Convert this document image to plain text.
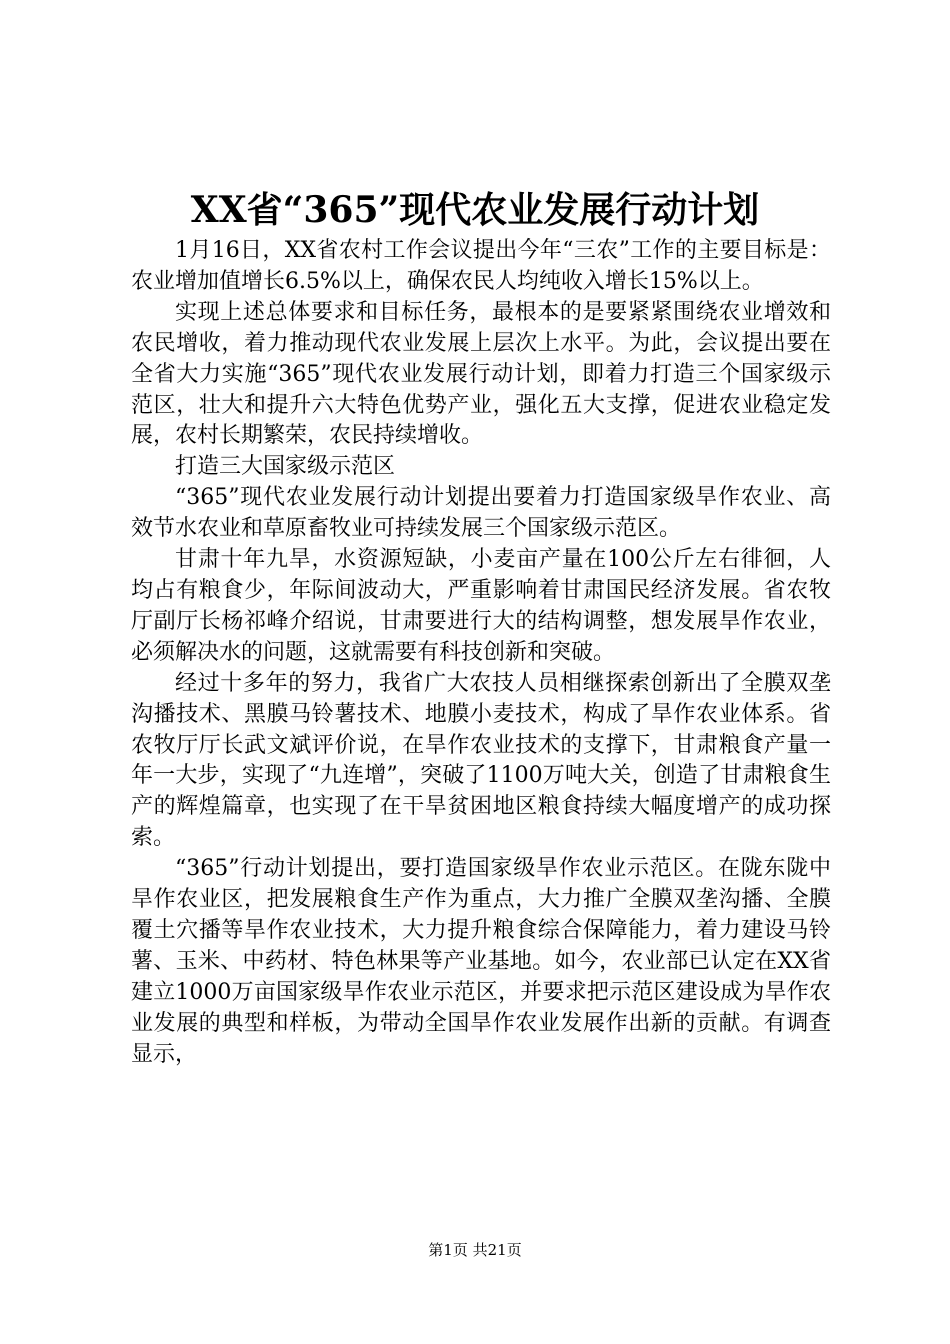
XX省“365”现代农业发展行动计划

1月16日，XX省农村工作会议提出今年“三农”工作的主要目标是：农业增加值增长6.5%以上，确保农民人均纯收入增长15%以上。

实现上述总体要求和目标任务，最根本的是要紧紧围绕农业增效和农民增收，着力推动现代农业发展上层次上水平。为此，会议提出要在全省大力实施“365”现代农业发展行动计划，即着力打造三个国家级示范区，壮大和提升六大特色优势产业，强化五大支撑，促进农业稳定发展，农村长期繁荣，农民持续增收。

打造三大国家级示范区

“365”现代农业发展行动计划提出要着力打造国家级旱作农业、高效节水农业和草原畜牧业可持续发展三个国家级示范区。

甘肃十年九旱，水资源短缺，小麦亩产量在100公斤左右徘徊，人均占有粮食少，年际间波动大，严重影响着甘肃国民经济发展。省农牧厅副厅长杨祁峰介绍说，甘肃要进行大的结构调整，想发展旱作农业，必须解决水的问题，这就需要有科技创新和突破。

经过十多年的努力，我省广大农技人员相继探索创新出了全膜双垄沟播技术、黑膜马铃薯技术、地膜小麦技术，构成了旱作农业体系。省农牧厅厅长武文斌评价说，在旱作农业技术的支撑下，甘肃粮食产量一年一大步，实现了“九连增”，突破了1100万吨大关，创造了甘肃粮食生产的辉煌篇章，也实现了在干旱贫困地区粮食持续大幅度增产的成功探索。

“365”行动计划提出，要打造国家级旱作农业示范区。在陇东陇中旱作农业区，把发展粮食生产作为重点，大力推广全膜双垄沟播、全膜覆土穴播等旱作农业技术，大力提升粮食综合保障能力，着力建设马铃薯、玉米、中药材、特色林果等产业基地。如今，农业部已认定在XX省建立1000万亩国家级旱作农业示范区，并要求把示范区建设成为旱作农业发展的典型和样板，为带动全国旱作农业发展作出新的贡献。有调查显示，

第1页 共21页
